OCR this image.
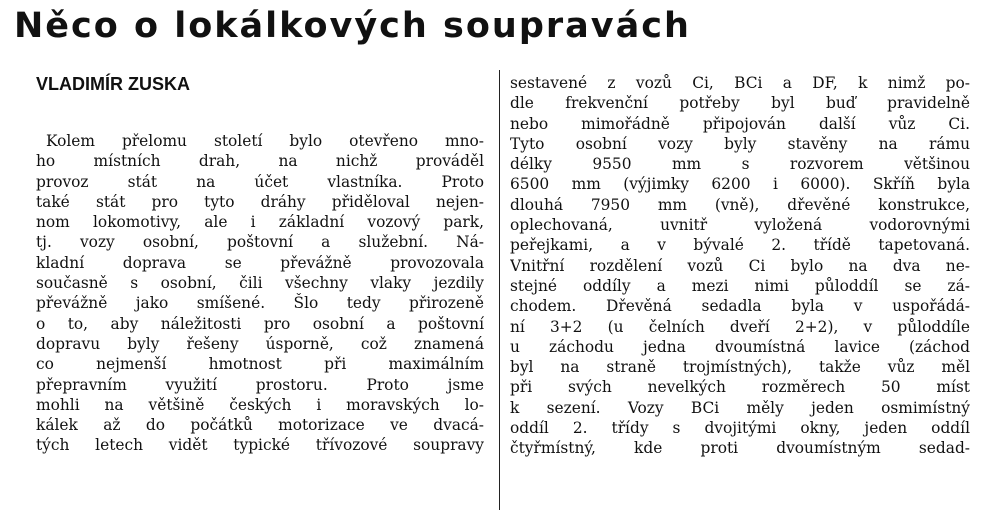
Něco o lokálkových soupravách
VLADIMÍR ZUSKA
Kolem přelomu století bylo otevřeno mno-
ho místních drah, na nichž prováděl
provoz stát na účet vlastníka. Proto
také stát pro tyto dráhy přiděloval nejen-
nom lokomotivy, ale i základní vozový park,
tj. vozy osobní, poštovní a služební. Ná-
kladní doprava se převážně provozovala
současně s osobní, čili všechny vlaky jezdily
převážně jako smíšené. Šlo tedy přirozeně
o to, aby náležitosti pro osobní a poštovní
dopravu byly řešeny úsporně, což znamená
co nejmenší hmotnost při maximálním
přepravním využití prostoru. Proto jsme
mohli na většině českých i moravských lo-
kálek až do počátků motorizace ve dvacá-
tých letech vidět typické třívozové soupravy
sestavené z vozů Ci, BCi a DF, k nimž po-
dle frekvenční potřeby byl buď pravidelně
nebo mimořádně připojován další vůz Ci.
Tyto osobní vozy byly stavěny na rámu
délky 9550 mm s rozvorem většinou
6500 mm (výjimky 6200 i 6000). Skříň byla
dlouhá 7950 mm (vně), dřevěné konstrukce,
oplechovaná, uvnitř vyložená vodorovnými
peřejkami, a v bývalé 2. třídě tapetovaná.
Vnitřní rozdělení vozů Ci bylo na dva ne-
stejné oddíly a mezi nimi půloddíl se zá-
chodem. Dřevěná sedadla byla v uspořádá-
ní 3+2 (u čelních dveří 2+2), v půloddíle
u záchodu jedna dvoumístná lavice (záchod
byl na straně trojmístných), takže vůz měl
při svých nevelkých rozměrech 50 míst
k sezení. Vozy BCi měly jeden osmimístný
oddíl 2. třídy s dvojitými okny, jeden oddíl
čtyřmístný, kde proti dvoumístným sedad-
